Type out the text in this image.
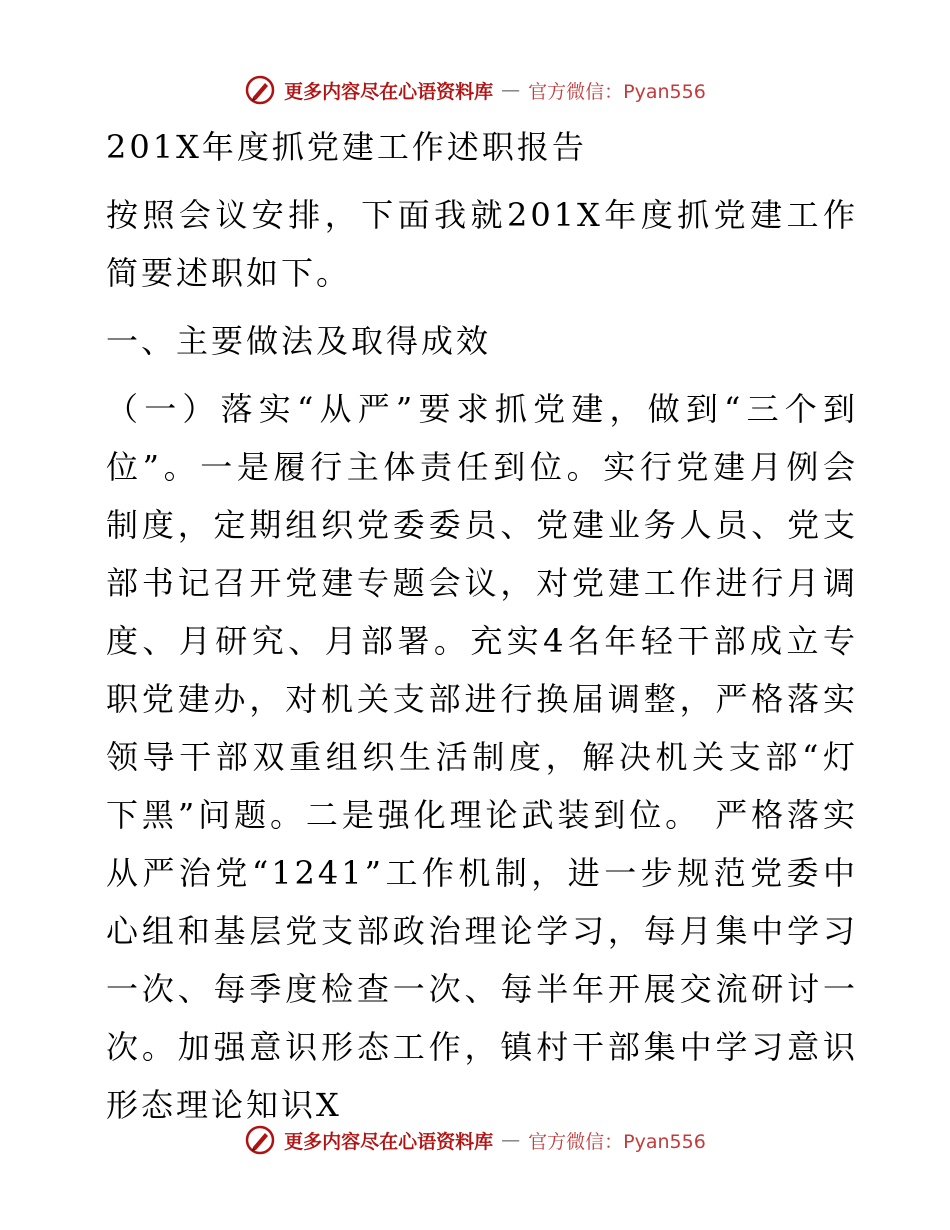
更多内容尽在心语资料库 — 官方微信：Pyan556
201X年度抓党建工作述职报告

按照会议安排，下面我就201X年度抓党建工作简要述职如下。

一、主要做法及取得成效

（一）落实“从严”要求抓党建，做到“三个到位”。一是履行主体责任到位。实行党建月例会制度，定期组织党委委员、党建业务人员、党支部书记召开党建专题会议，对党建工作进行月调度、月研究、月部署。充实4名年轻干部成立专职党建办，对机关支部进行换届调整，严格落实领导干部双重组织生活制度，解决机关支部“灯下黑”问题。二是强化理论武装到位。 严格落实从严治党“1241”工作机制，进一步规范党委中心组和基层党支部政治理论学习，每月集中学习一次、每季度检查一次、每半年开展交流研讨一次。加强意识形态工作，镇村干部集中学习意识形态理论知识X

更多内容尽在心语资料库 — 官方微信：Pyan556
